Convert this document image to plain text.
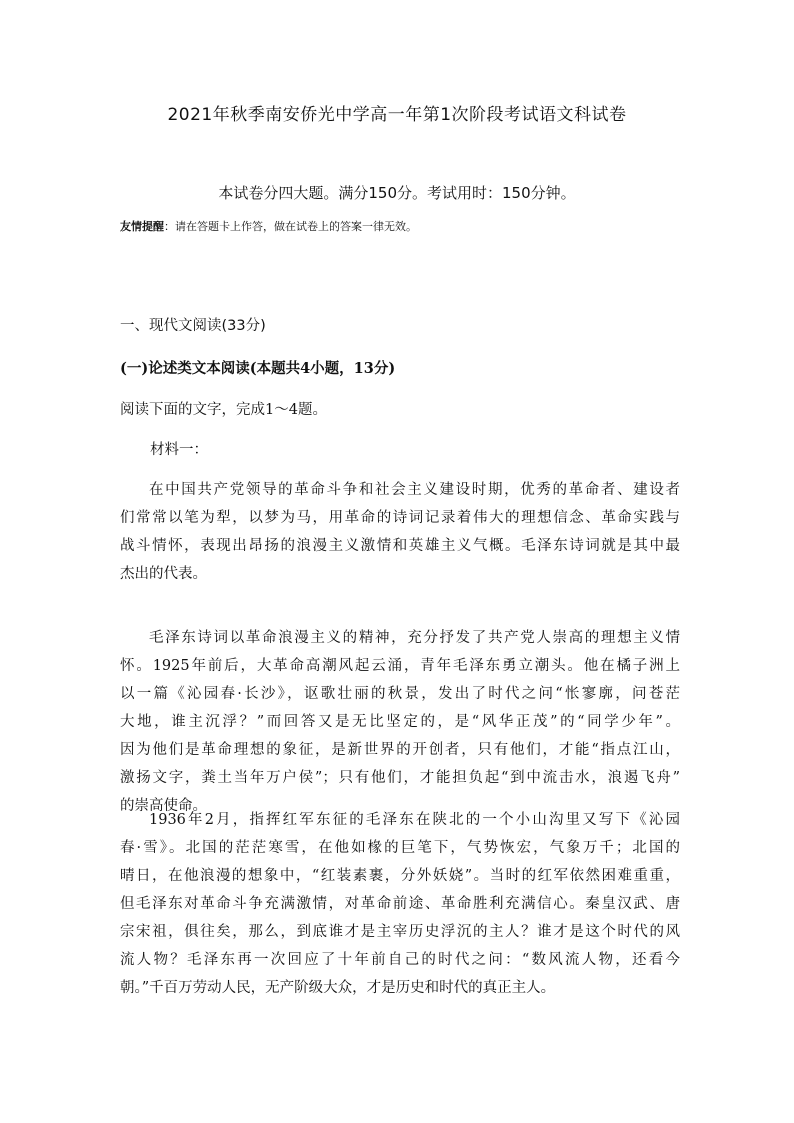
2021年秋季南安侨光中学高一年第1次阶段考试语文科试卷
本试卷分四大题。满分150分。考试用时：150分钟。
友情提醒：请在答题卡上作答，做在试卷上的答案一律无效。
一、现代文阅读(33分)
(一)论述类文本阅读(本题共4小题，13分)
阅读下面的文字，完成1～4题。
材料一：
在中国共产党领导的革命斗争和社会主义建设时期，优秀的革命者、建设者
们常常以笔为犁，以梦为马，用革命的诗词记录着伟大的理想信念、革命实践与
战斗情怀，表现出昂扬的浪漫主义激情和英雄主义气概。毛泽东诗词就是其中最
杰出的代表。
毛泽东诗词以革命浪漫主义的精神，充分抒发了共产党人崇高的理想主义情
怀。1925年前后，大革命高潮风起云涌，青年毛泽东勇立潮头。他在橘子洲上
以一篇《沁园春·长沙》，讴歌壮丽的秋景，发出了时代之问“怅寥廓，问苍茫
大地，谁主沉浮？”而回答又是无比坚定的，是“风华正茂”的“同学少年”。
因为他们是革命理想的象征，是新世界的开创者，只有他们，才能“指点江山，
激扬文字，粪土当年万户侯”；只有他们，才能担负起“到中流击水，浪遏飞舟”
的崇高使命。
1936年2月，指挥红军东征的毛泽东在陕北的一个小山沟里又写下《沁园
春·雪》。北国的茫茫寒雪，在他如椽的巨笔下，气势恢宏，气象万千；北国的
晴日，在他浪漫的想象中，“红装素裹，分外妖娆”。当时的红军依然困难重重，
但毛泽东对革命斗争充满激情，对革命前途、革命胜利充满信心。秦皇汉武、唐
宗宋祖，俱往矣，那么，到底谁才是主宰历史浮沉的主人？谁才是这个时代的风
流人物？毛泽东再一次回应了十年前自己的时代之问：“数风流人物，还看今
朝。”千百万劳动人民，无产阶级大众，才是历史和时代的真正主人。
